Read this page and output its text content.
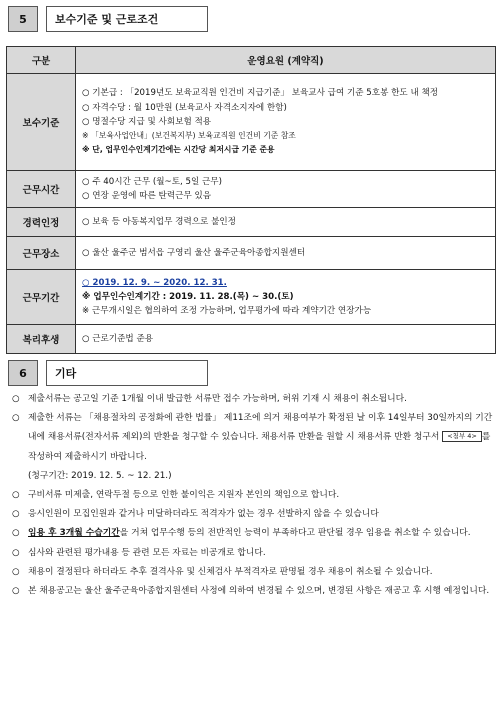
5	보수기준 및 근로조건
구분	운영요원 (계약직)
보수기준	○ 기본급 : 「2019년도 보육교직원 인건비 지급기준」 보육교사 급여 기준 5호봉 한도 내 책정
○ 자격수당 : 월 10만원 (보육교사 자격소지자에 한함)
○ 명절수당 지급 및 사회보험 적용
※ 「보육사업안내」(보건복지부) 보육교직원 인건비 기준 참조
※ 단, 업무인수인계기간에는 시간당 최저시급 기준 준용

근무시간	○ 주 40시간 근무 (월~토, 5일 근무)
○ 연장 운영에 따른 탄력근무 있음

경력인정	○ 보육 등 아동복지업무 경력으로 불인정
근무장소	○ 울산 울주군 범서읍 구영리 울산 울주군육아종합지원센터
근무기간	○ 2019. 12. 9. ~ 2020. 12. 31.
※ 업무인수인계기간 : 2019. 11. 28.(목) ~ 30.(토)
※ 근무개시일은 협의하여 조정 가능하며, 업무평가에 따라 계약기간 연장가능

복리후생	○ 근로기준법 준용
6	기타
○ 제출서류는 공고일 기준 1개월 이내 발급한 서류만 접수 가능하며, 허위 기재 시 채용이 취소됩니다.
○ 제출한 서류는 「채용절차의 공정화에 관한 법률」 제11조에 의거 채용여부가 확정된 날 이후 14일부터 30일까지의 기간 내에 채용서류(전자서류 제외)의 반환을 청구할 수 있습니다. 채용서류 반환을 원할 시 채용서류 반환 청구서 <첨부 4> 를 작성하여 제출하시기 바랍니다.
(청구기간: 2019. 12. 5. ~ 12. 21.)
○ 구비서류 미제출, 연락두절 등으로 인한 불이익은 지원자 본인의 책임으로 합니다.
○ 응시인원이 모집인원과 같거나 미달하더라도 적격자가 없는 경우 선발하지 않을 수 있습니다
○ 임용 후 3개월 수습기간을 거쳐 업무수행 등의 전반적인 능력이 부족하다고 판단될 경우 임용을 취소할 수 있습니다.
○ 심사와 관련된 평가내용 등 관련 모든 자료는 비공개로 합니다.
○ 채용이 결정된다 하더라도 추후 결격사유 및 신체검사 부적격자로 판명될 경우 채용이 취소될 수 있습니다.
○ 본 채용공고는 울산 울주군육아종합지원센터 사정에 의하여 변경될 수 있으며, 변경된 사항은 재공고 후 시행 예정입니다.
